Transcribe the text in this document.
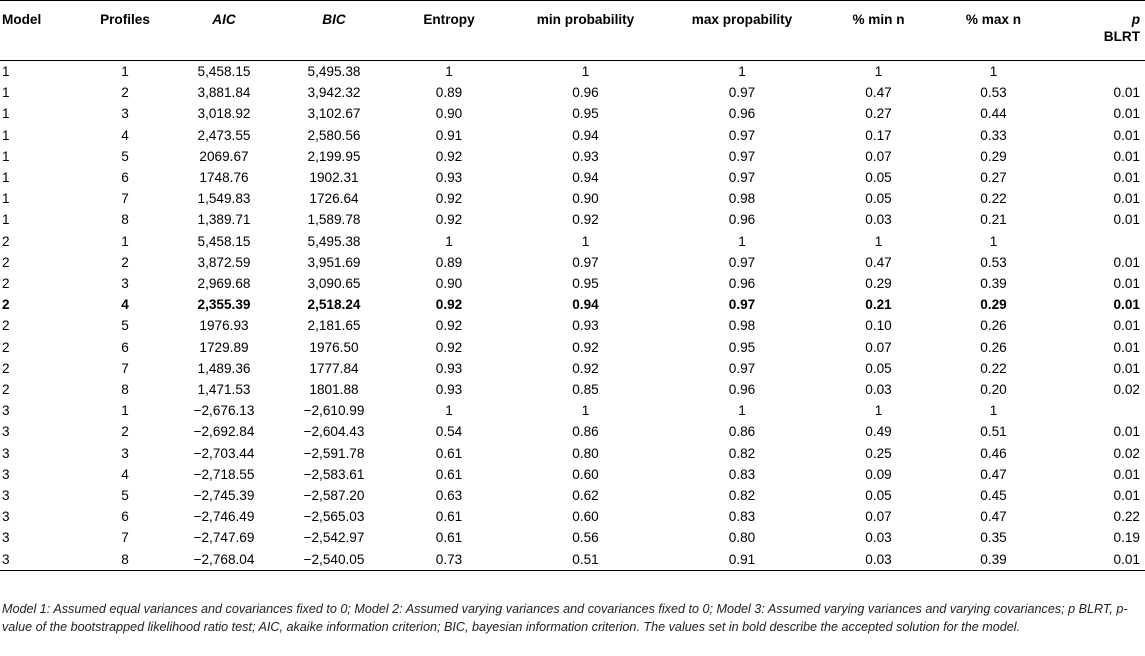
Model	Profiles	AIC	BIC	Entropy	min probability	max propability	% min n	% max n	p
BLRT
1	1	5,458.15	5,495.38	1	1	1	1	1	
1	2	3,881.84	3,942.32	0.89	0.96	0.97	0.47	0.53	0.01
1	3	3,018.92	3,102.67	0.90	0.95	0.96	0.27	0.44	0.01
1	4	2,473.55	2,580.56	0.91	0.94	0.97	0.17	0.33	0.01
1	5	2069.67	2,199.95	0.92	0.93	0.97	0.07	0.29	0.01
1	6	1748.76	1902.31	0.93	0.94	0.97	0.05	0.27	0.01
1	7	1,549.83	1726.64	0.92	0.90	0.98	0.05	0.22	0.01
1	8	1,389.71	1,589.78	0.92	0.92	0.96	0.03	0.21	0.01
2	1	5,458.15	5,495.38	1	1	1	1	1	
2	2	3,872.59	3,951.69	0.89	0.97	0.97	0.47	0.53	0.01
2	3	2,969.68	3,090.65	0.90	0.95	0.96	0.29	0.39	0.01
2	4	2,355.39	2,518.24	0.92	0.94	0.97	0.21	0.29	0.01
2	5	1976.93	2,181.65	0.92	0.93	0.98	0.10	0.26	0.01
2	6	1729.89	1976.50	0.92	0.92	0.95	0.07	0.26	0.01
2	7	1,489.36	1777.84	0.93	0.92	0.97	0.05	0.22	0.01
2	8	1,471.53	1801.88	0.93	0.85	0.96	0.03	0.20	0.02
3	1	−2,676.13	−2,610.99	1	1	1	1	1	
3	2	−2,692.84	−2,604.43	0.54	0.86	0.86	0.49	0.51	0.01
3	3	−2,703.44	−2,591.78	0.61	0.80	0.82	0.25	0.46	0.02
3	4	−2,718.55	−2,583.61	0.61	0.60	0.83	0.09	0.47	0.01
3	5	−2,745.39	−2,587.20	0.63	0.62	0.82	0.05	0.45	0.01
3	6	−2,746.49	−2,565.03	0.61	0.60	0.83	0.07	0.47	0.22
3	7	−2,747.69	−2,542.97	0.61	0.56	0.80	0.03	0.35	0.19
3	8	−2,768.04	−2,540.05	0.73	0.51	0.91	0.03	0.39	0.01
Model 1: Assumed equal variances and covariances fixed to 0; Model 2: Assumed varying variances and covariances fixed to 0; Model 3: Assumed varying variances and varying covariances; p BLRT, p-value of the bootstrapped likelihood ratio test; AIC, akaike information criterion; BIC, bayesian information criterion. The values set in bold describe the accepted solution for the model.
